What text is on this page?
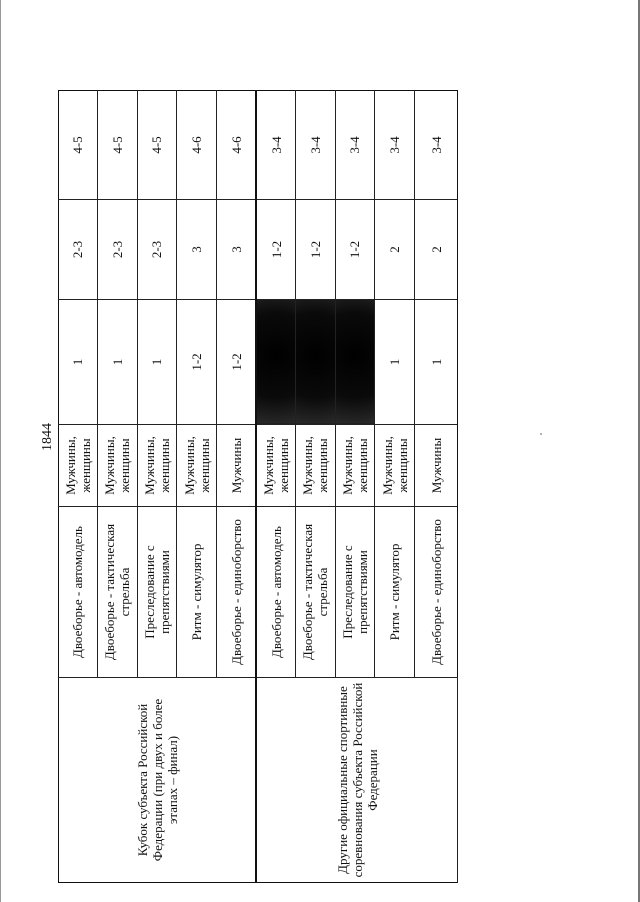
1844
Кубок субъекта Российской Федерации (при двух и более этапах – финал)	Двоеборье - автомодель	Мужчины, женщины	1	2-3	4-5
	Двоеборье - тактическая стрельба	Мужчины, женщины	1	2-3	4-5
	Преследование с препятствиями	Мужчины, женщины	1	2-3	4-5
	Ритм - симулятор	Мужчины, женщины	1-2	3	4-6
	Двоеборье - единоборство	Мужчины	1-2	3	4-6
Другие официальные спортивные соревнования субъекта Российской Федерации	Двоеборье - автомодель	Мужчины, женщины		1-2	3-4
	Двоеборье - тактическая стрельба	Мужчины, женщины		1-2	3-4
	Преследование с препятствиями	Мужчины, женщины		1-2	3-4
	Ритм - симулятор	Мужчины, женщины	1	2	3-4
	Двоеборье - единоборство	Мужчины	1	2	3-4
